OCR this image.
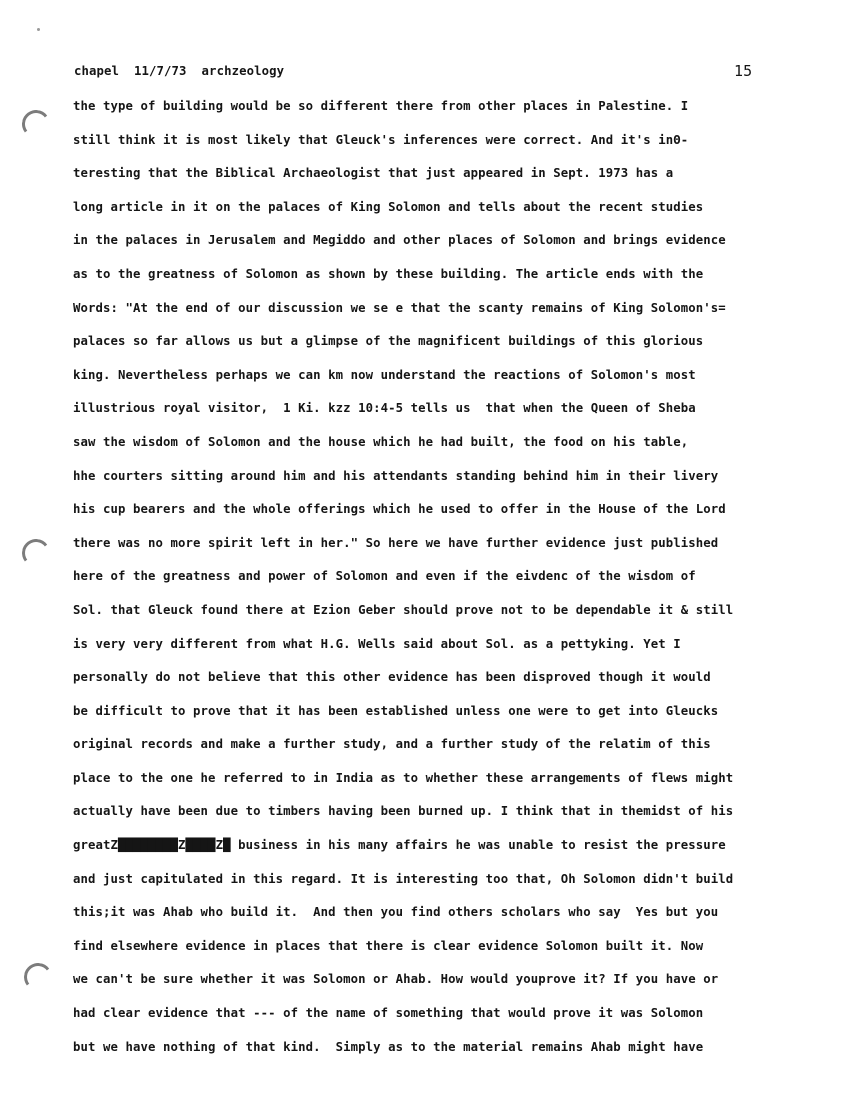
chapel  11/7/73  archzeology	15
the type of building would be so different there from other places in Palestine. I
still think it is most likely that Gleuck's inferences were correct. And it's inΘ-
teresting that the Biblical Archaeologist that just appeared in Sept. 1973 has a
long article in it on the palaces of King Solomon and tells about the recent studies
in the palaces in Jerusalem and Megiddo and other places of Solomon and brings evidence
as to the greatness of Solomon as shown by these building. The article ends with the
Words: "At the end of our discussion we se e that the scanty remains of King Solomon's=
palaces so far allows us but a glimpse of the magnificent buildings of this glorious
king. Nevertheless perhaps we can km now understand the reactions of Solomon's most
illustrious royal visitor,  1 Ki. kzz 10:4-5 tells us  that when the Queen of Sheba
saw the wisdom of Solomon and the house which he had built, the food on his table,
hhe courters sitting around him and his attendants standing behind him in their livery
his cup bearers and the whole offerings which he used to offer in the House of the Lord
there was no more spirit left in her." So here we have further evidence just published
here of the greatness and power of Solomon and even if the eivdenc of the wisdom of
Sol. that Gleuck found there at Ezion Geber should prove not to be dependable it & still
is very very different from what H.G. Wells said about Sol. as a pettyking. Yet I
personally do not believe that this other evidence has been disproved though it would
be difficult to prove that it has been established unless one were to get into Gleucks
original records and make a further study, and a further study of the relatim of this
place to the one he referred to in India as to whether these arrangements of flews might
actually have been due to timbers having been burned up. I think that in themidst of his
greatZ████████Z████Z█ business in his many affairs he was unable to resist the pressure
and just capitulated in this regard. It is interesting too that, Oh Solomon didn't build
this;it was Ahab who build it.  And then you find others scholars who say  Yes but you
find elsewhere evidence in places that there is clear evidence Solomon built it. Now
we can't be sure whether it was Solomon or Ahab. How would youprove it? If you have or
had clear evidence that --- of the name of something that would prove it was Solomon
but we have nothing of that kind.  Simply as to the material remains Ahab might have
